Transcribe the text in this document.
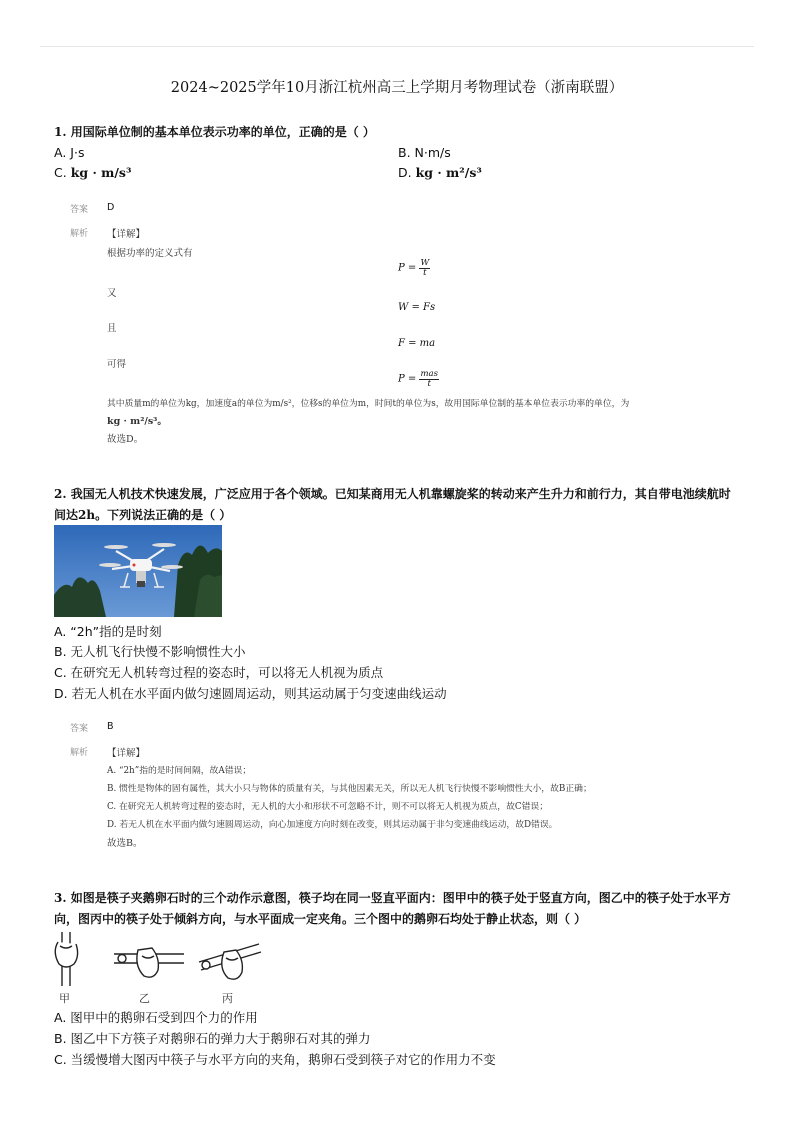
2024~2025学年10月浙江杭州高三上学期月考物理试卷（浙南联盟）
1. 用国际单位制的基本单位表示功率的单位，正确的是（ ）
A. J·s	B. N·m/s
C. kg · m/s³	D. kg · m²/s³
答案 D
解析 【详解】
根据功率的定义式有
$P = \frac{W}{t}$
又
W = Fs
且
F = ma
可得
$P = \frac{\text{mas}}{t}$
其中质量m的单位为kg，加速度a的单位为m/s²，位移s的单位为m，时间t的单位为s，故用国际单位制的基本单位表示功率的单位，为
kg · m²/s³。
故选D。
2. 我国无人机技术快速发展，广泛应用于各个领域。已知某商用无人机靠螺旋桨的转动来产生升力和前行力，其自带电池续航时
间达2h。下列说法正确的是（ ）
A. “2h”指的是时刻
B. 无人机飞行快慢不影响惯性大小
C. 在研究无人机转弯过程的姿态时，可以将无人机视为质点
D. 若无人机在水平面内做匀速圆周运动，则其运动属于匀变速曲线运动
答案 B
解析 【详解】
A. “2h”指的是时间间隔，故A错误；
B. 惯性是物体的固有属性，其大小只与物体的质量有关，与其他因素无关，所以无人机飞行快慢不影响惯性大小，故B正确；
C. 在研究无人机转弯过程的姿态时，无人机的大小和形状不可忽略不计，则不可以将无人机视为质点，故C错误；
D. 若无人机在水平面内做匀速圆周运动，向心加速度方向时刻在改变，则其运动属于非匀变速曲线运动，故D错误。
故选B。
3. 如图是筷子夹鹅卵石时的三个动作示意图，筷子均在同一竖直平面内：图甲中的筷子处于竖直方向，图乙中的筷子处于水平方
向，图丙中的筷子处于倾斜方向，与水平面成一定夹角。三个图中的鹅卵石均处于静止状态，则（ ）
甲	乙	丙
A. 图甲中的鹅卵石受到四个力的作用
B. 图乙中下方筷子对鹅卵石的弹力大于鹅卵石对其的弹力
C. 当缓慢增大图丙中筷子与水平方向的夹角，鹅卵石受到筷子对它的作用力不变
